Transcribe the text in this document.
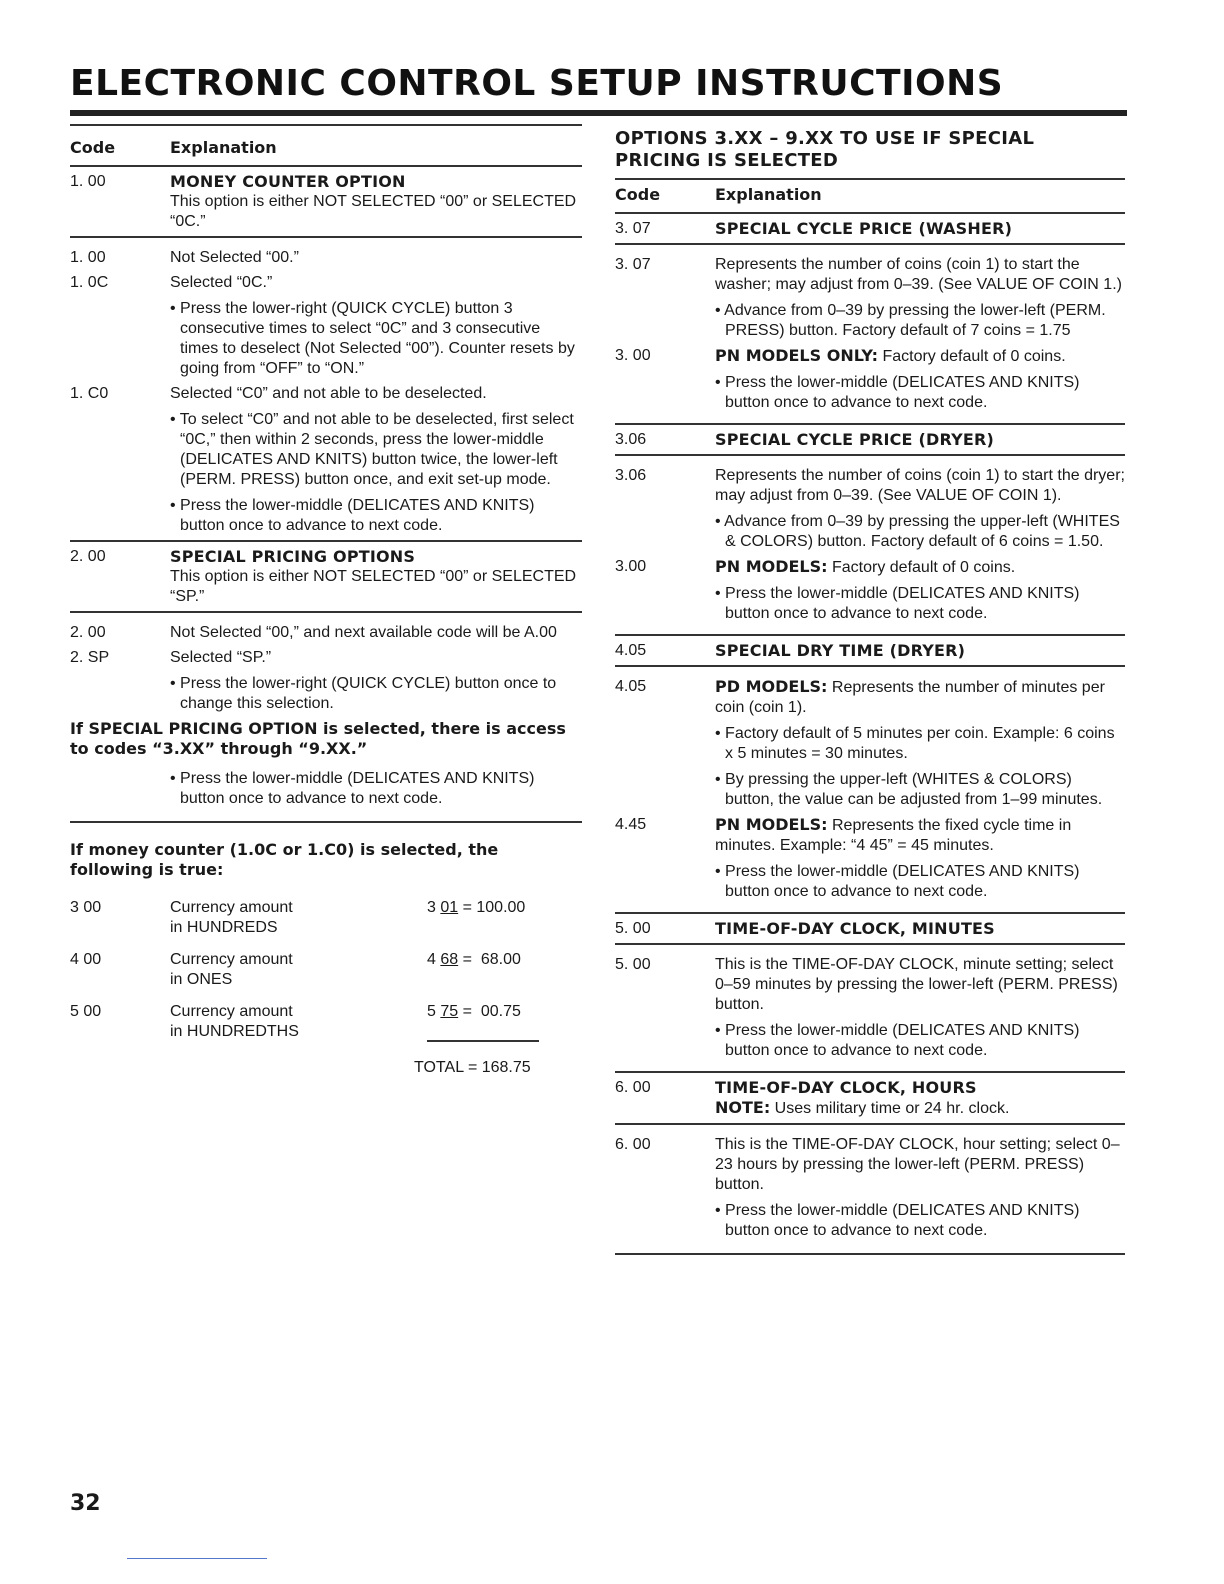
ELECTRONIC CONTROL SETUP INSTRUCTIONS
Code	Explanation
1. 00	MONEY COUNTER OPTION
This option is either NOT SELECTED “00” or SELECTED “0C.”
1. 00	Not Selected “00.”
1. 0C	Selected “0C.”
• Press the lower-right (QUICK CYCLE) button 3 consecutive times to select “0C” and 3 consecutive times to deselect (Not Selected “00”). Counter resets by going from “OFF” to “ON.”
1. C0	Selected “C0” and not able to be deselected.
• To select “C0” and not able to be deselected, first select “0C,” then within 2 seconds, press the lower-middle (DELICATES AND KNITS) button twice, the lower-left (PERM. PRESS) button once, and exit set-up mode.
• Press the lower-middle (DELICATES AND KNITS) button once to advance to next code.
2. 00	SPECIAL PRICING OPTIONS
This option is either NOT SELECTED “00” or SELECTED “SP.”
2. 00	Not Selected “00,” and next available code will be A.00
2. SP	Selected “SP.”
• Press the lower-right (QUICK CYCLE) button once to change this selection.
If SPECIAL PRICING OPTION is selected, there is access to codes “3.XX” through “9.XX.”
• Press the lower-middle (DELICATES AND KNITS) button once to advance to next code.
If money counter (1.0C or 1.C0) is selected, the following is true:
3 00	Currency amount
in HUNDREDS
3 01 = 100.00
4 00	Currency amount
in ONES
4 68 =  68.00
5 00	Currency amount
in HUNDREDTHS
5 75 =  00.75
TOTAL = 168.75
OPTIONS 3.XX – 9.XX TO USE IF SPECIAL PRICING IS SELECTED
Code	Explanation
3. 07	SPECIAL CYCLE PRICE (WASHER)
3. 07	Represents the number of coins (coin 1) to start the washer; may adjust from 0–39. (See VALUE OF COIN 1.)
• Advance from 0–39 by pressing the lower-left (PERM. PRESS) button. Factory default of 7 coins = 1.75
3. 00	PN MODELS ONLY: Factory default of 0 coins.
• Press the lower-middle (DELICATES AND KNITS) button once to advance to next code.
3.06	SPECIAL CYCLE PRICE (DRYER)
3.06	Represents the number of coins (coin 1) to start the dryer; may adjust from 0–39. (See VALUE OF COIN 1).
• Advance from 0–39 by pressing the upper-left (WHITES & COLORS) button. Factory default of 6 coins = 1.50.
3.00	PN MODELS: Factory default of 0 coins.
• Press the lower-middle (DELICATES AND KNITS) button once to advance to next code.
4.05	SPECIAL DRY TIME (DRYER)
4.05	PD MODELS: Represents the number of minutes per coin (coin 1).
• Factory default of 5 minutes per coin. Example: 6 coins x 5 minutes = 30 minutes.
• By pressing the upper-left (WHITES & COLORS) button, the value can be adjusted from 1–99 minutes.
4.45	PN MODELS: Represents the fixed cycle time in minutes. Example: “4 45” = 45 minutes.
• Press the lower-middle (DELICATES AND KNITS) button once to advance to next code.
5. 00	TIME-OF-DAY CLOCK, MINUTES
5. 00	This is the TIME-OF-DAY CLOCK, minute setting; select 0–59 minutes by pressing the lower-left (PERM. PRESS) button.
• Press the lower-middle (DELICATES AND KNITS) button once to advance to next code.
6. 00	TIME-OF-DAY CLOCK, HOURS
NOTE: Uses military time or 24 hr. clock.
6. 00	This is the TIME-OF-DAY CLOCK, hour setting; select 0–23 hours by pressing the lower-left (PERM. PRESS) button.
• Press the lower-middle (DELICATES AND KNITS) button once to advance to next code.
32
